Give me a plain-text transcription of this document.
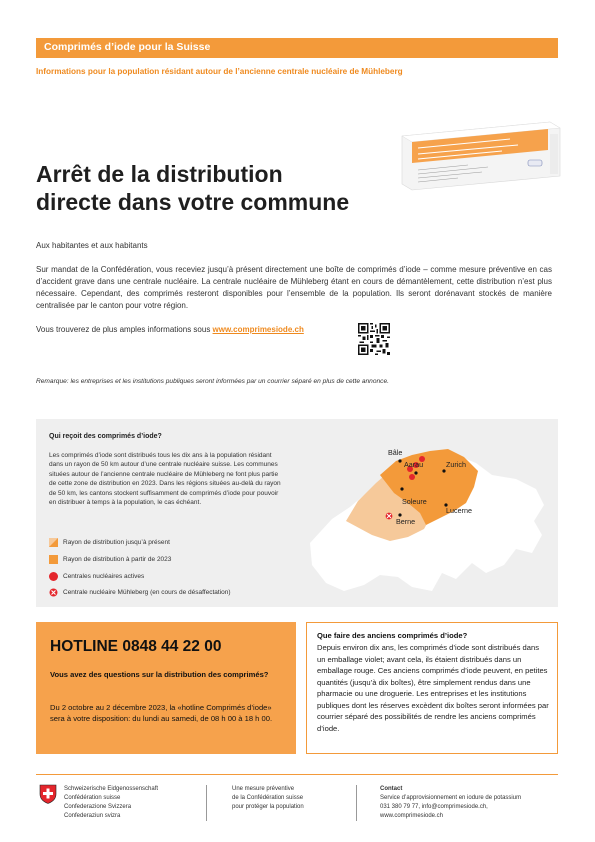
Comprimés d’iode pour la Suisse
Informations pour la population résidant autour de l’ancienne centrale nucléaire de Mühleberg
Arrêt de la distribution
directe dans votre commune
Aux habitantes et aux habitants
Sur mandat de la Confédération, vous receviez jusqu’à présent directement une boîte de comprimés d’iode – comme mesure préventive en cas d’accident grave dans une centrale nucléaire. La centrale nucléaire de Mühleberg étant en cours de démantèlement, cette distribution n’est plus nécessaire. Cependant, des comprimés resteront disponibles pour l’ensemble de la population. Ils seront dorénavant stockés de manière centralisée par le canton pour votre région.
Vous trouverez de plus amples informations sous www.comprimesiode.ch
Remarque: les entreprises et les institutions publiques seront informées par un courrier séparé en plus de cette annonce.
Qui reçoit des comprimés d’iode?
Les comprimés d’iode sont distribués tous les dix ans à la population résidant dans un rayon de 50 km autour d’une centrale nucléaire suisse. Les communes situées autour de l’ancienne centrale nucléaire de Mühleberg ne font plus partie de cette zone de distribution en 2023. Dans les régions situées au-delà du rayon de 50 km, les cantons stockent suffisamment de comprimés d’iode pour pouvoir en distribuer à temps à la population, le cas échéant.
Rayon de distribution jusqu’à présent
Rayon de distribution à partir de 2023
Centrales nucléaires actives
Centrale nucléaire Mühleberg (en cours de désaffectation)
Bâle
Aarau	Zurich
Soleure
Lucerne
Berne
HOTLINE 0848 44 22 00
Vous avez des questions sur la distribution des comprimés?
Du 2 octobre au 2 décembre 2023, la «hotline Comprimés d’iode» sera à votre disposition: du lundi au samedi, de 08 h 00 à 18 h 00.
Que faire des anciens comprimés d’iode?
Depuis environ dix ans, les comprimés d’iode sont distribués dans un emballage violet; avant cela, ils étaient distribués dans un emballage rouge. Ces anciens comprimés d’iode peuvent, en petites quantités (jusqu’à dix boîtes), être simplement rendus dans une pharmacie ou une droguerie. Les entreprises et les institutions publiques dont les réserves excèdent dix boîtes seront informées par courrier séparé des possibilités de rendre les anciens comprimés d’iode.
Schweizerische Eidgenossenschaft
Confédération suisse
Confederazione Svizzera
Confederaziun svizra
Une mesure préventive
de la Confédération suisse
pour protéger la population
Contact
Service d’approvisionnement en iodure de potassium
031 380 79 77, info@comprimesiode.ch,
www.comprimesiode.ch
